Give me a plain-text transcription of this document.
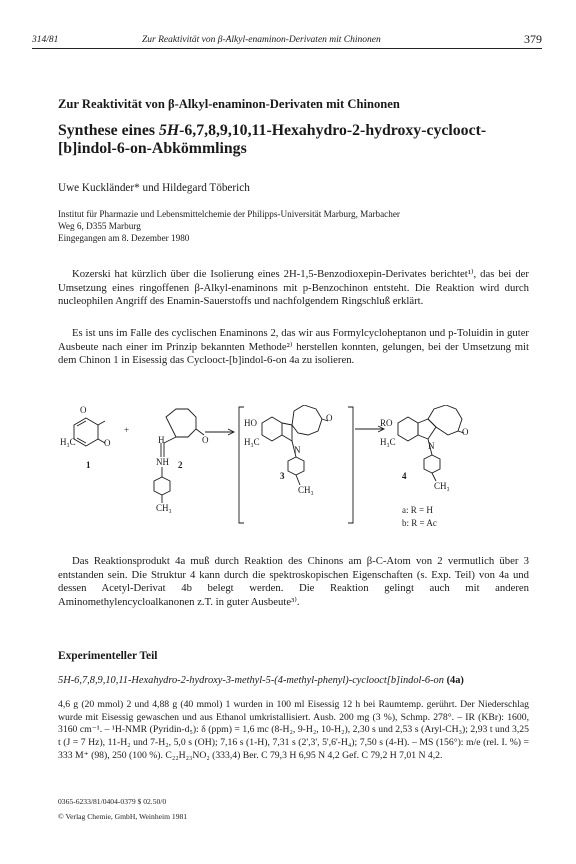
314/81	Zur Reaktivität von β-Alkyl-enaminon-Derivaten mit Chinonen	379
Zur Reaktivität von β-Alkyl-enaminon-Derivaten mit Chinonen
Synthese eines 5H-6,7,8,9,10,11-Hexahydro-2-hydroxy-cyclooct-[b]indol-6-on-Abkömmlings
Uwe Kuckländer* und Hildegard Töberich
Institut für Pharmazie und Lebensmittelchemie der Philipps-Universität Marburg, Marbacher
Weg 6, D355 Marburg
Eingegangen am 8. Dezember 1980
Kozerski hat kürzlich über die Isolierung eines 2H-1,5-Benzodioxepin-Derivates berichtet¹⁾, das bei der Umsetzung eines ringoffenen β-Alkyl-enaminons mit p-Benzochinon entsteht. Die Reaktion wird durch nucleophilen Angriff des Enamin-Sauerstoffs und nachfolgendem Ringschluß erklärt.
Es ist uns im Falle des cyclischen Enaminons 2, das wir aus Formylcycloheptanon und p-Toluidin in guter Ausbeute nach einer im Prinzip bekannten Methode²⁾ herstellen konnten, gelungen, bei der Umsetzung mit dem Chinon 1 in Eisessig das Cyclooct-[b]indol-6-on 4a zu isolieren.
H₃C
O
O
1
+
H	O
NH 2
CH₃
HO
H₃C
O
N
3
CH₃
RO
H₃C
O
N
4
CH₃
a: R = H
b: R = Ac
Das Reaktionsprodukt 4a muß durch Reaktion des Chinons am β-C-Atom von 2 vermutlich über 3 entstanden sein. Die Struktur 4 kann durch die spektroskopischen Eigenschaften (s. Exp. Teil) von 4a und dessen Acetyl-Derivat 4b belegt werden. Die Reaktion gelingt auch mit anderen Aminomethylencycloalkanonen z.T. in guter Ausbeute³⁾.
Experimenteller Teil
5H-6,7,8,9,10,11-Hexahydro-2-hydroxy-3-methyl-5-(4-methyl-phenyl)-cyclooct[b]indol-6-on (4a)
4,6 g (20 mmol) 2 und 4,88 g (40 mmol) 1 wurden in 100 ml Eisessig 12 h bei Raumtemp. gerührt. Der Niederschlag wurde mit Eisessig gewaschen und aus Ethanol umkristallisiert. Ausb. 200 mg (3 %), Schmp. 278°. – IR (KBr): 1600, 3160 cm⁻¹. – ¹H-NMR (Pyridin-d₅): δ (ppm) = 1,6 mc (8-H₂, 9-H₂, 10-H₂), 2,30 s und 2,53 s (Aryl-CH₃); 2,93 t und 3,25 t (J = 7 Hz), 11-H₂ und 7-H₂, 5,0 s (OH); 7,16 s (1-H), 7,31 s (2',3', 5',6'-H₄); 7,50 s (4-H). – MS (156°): m/e (rel. I. %) = 333 M⁺ (98), 250 (100 %). C₂₂H₂₃NO₂ (333,4) Ber. C 79,3 H 6,95 N 4,2 Gef. C 79,2 H 7,01 N 4,2.
0365-6233/81/0404-0379 $ 02.50/0
© Verlag Chemie, GmbH, Weinheim 1981
